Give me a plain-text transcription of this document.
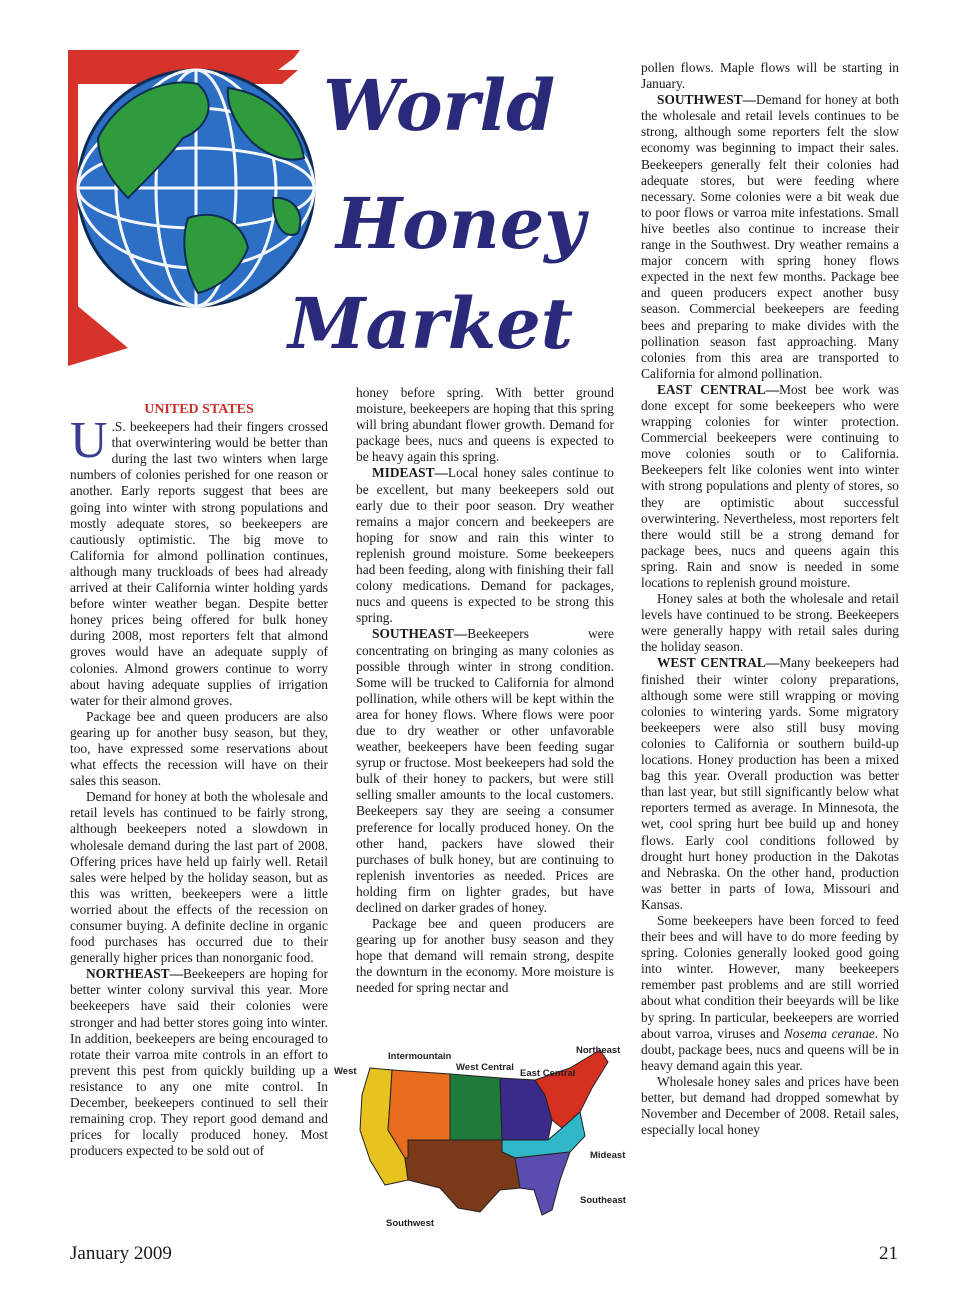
World
Honey
Market

UNITED STATES

U .S. beekeepers had their fingers crossed that overwintering would be better than during the last two winters when large numbers of colonies perished for one reason or another. Early reports suggest that bees are going into winter with strong populations and mostly adequate stores, so beekeepers are cautiously optimistic. The big move to California for almond pollination continues, although many truckloads of bees had already arrived at their California winter holding yards before winter weather began. Despite better honey prices being offered for bulk honey during 2008, most reporters felt that almond groves would have an adequate supply of colonies. Almond growers continue to worry about having adequate supplies of irrigation water for their almond groves.

Package bee and queen producers are also gearing up for another busy season, but they, too, have expressed some reservations about what effects the recession will have on their sales this season.

Demand for honey at both the wholesale and retail levels has continued to be fairly strong, although beekeepers noted a slowdown in wholesale demand during the last part of 2008. Offering prices have held up fairly well. Retail sales were helped by the holiday season, but as this was written, beekeepers were a little worried about the effects of the recession on consumer buying. A definite decline in organic food purchases has occurred due to their generally higher prices than nonorganic food.

NORTHEAST—Beekeepers are hoping for better winter colony survival this year. More beekeepers have said their colonies were stronger and had better stores going into winter. In addition, beekeepers are being encouraged to rotate their varroa mite controls in an effort to prevent this pest from quickly building up a resistance to any one mite control. In December, beekeepers continued to sell their remaining crop. They report good demand and prices for locally produced honey. Most producers expected to be sold out of

honey before spring. With better ground moisture, beekeepers are hoping that this spring will bring abundant flower growth. Demand for package bees, nucs and queens is expected to be heavy again this spring.

MIDEAST—Local honey sales continue to be excellent, but many beekeepers sold out early due to their poor season. Dry weather remains a major concern and beekeepers are hoping for snow and rain this winter to replenish ground moisture. Some beekeepers had been feeding, along with finishing their fall colony medications. Demand for packages, nucs and queens is expected to be strong this spring.

SOUTHEAST—Beekeepers were concentrating on bringing as many colonies as possible through winter in strong condition. Some will be trucked to California for almond pollination, while others will be kept within the area for honey flows. Where flows were poor due to dry weather or other unfavorable weather, beekeepers have been feeding sugar syrup or fructose. Most beekeepers had sold the bulk of their honey to packers, but were still selling smaller amounts to the local customers. Beekeepers say they are seeing a consumer preference for locally produced honey. On the other hand, packers have slowed their purchases of bulk honey, but are continuing to replenish inventories as needed. Prices are holding firm on lighter grades, but have declined on darker grades of honey.

Package bee and queen producers are gearing up for another busy season and they hope that demand will remain strong, despite the downturn in the economy. More moisture is needed for spring nectar and

West
Intermountain
West Central
East Central
Northeast
Mideast
Southeast
Southwest

pollen flows. Maple flows will be starting in January.

SOUTHWEST—Demand for honey at both the wholesale and retail levels continues to be strong, although some reporters felt the slow economy was beginning to impact their sales. Beekeepers generally felt their colonies had adequate stores, but were feeding where necessary. Some colonies were a bit weak due to poor flows or varroa mite infestations. Small hive beetles also continue to increase their range in the Southwest. Dry weather remains a major concern with spring honey flows expected in the next few months. Package bee and queen producers expect another busy season. Commercial beekeepers are feeding bees and preparing to make divides with the pollination season fast approaching. Many colonies from this area are transported to California for almond pollination.

EAST CENTRAL—Most bee work was done except for some beekeepers who were wrapping colonies for winter protection. Commercial beekeepers were continuing to move colonies south or to California. Beekeepers felt like colonies went into winter with strong populations and plenty of stores, so they are optimistic about successful overwintering. Nevertheless, most reporters felt there would still be a strong demand for package bees, nucs and queens again this spring. Rain and snow is needed in some locations to replenish ground moisture.

Honey sales at both the wholesale and retail levels have continued to be strong. Beekeepers were generally happy with retail sales during the holiday season.

WEST CENTRAL—Many beekeepers had finished their winter colony preparations, although some were still wrapping or moving colonies to wintering yards. Some migratory beekeepers were also still busy moving colonies to California or southern build-up locations. Honey production has been a mixed bag this year. Overall production was better than last year, but still significantly below what reporters termed as average. In Minnesota, the wet, cool spring hurt bee build up and honey flows. Early cool conditions followed by drought hurt honey production in the Dakotas and Nebraska. On the other hand, production was better in parts of Iowa, Missouri and Kansas.

Some beekeepers have been forced to feed their bees and will have to do more feeding by spring. Colonies generally looked good going into winter. However, many beekeepers remember past problems and are still worried about what condition their beeyards will be like by spring. In particular, beekeepers are worried about varroa, viruses and Nosema ceranae. No doubt, package bees, nucs and queens will be in heavy demand again this year.

Wholesale honey sales and prices have been better, but demand had dropped somewhat by November and December of 2008. Retail sales, especially local honey

January 2009	21
